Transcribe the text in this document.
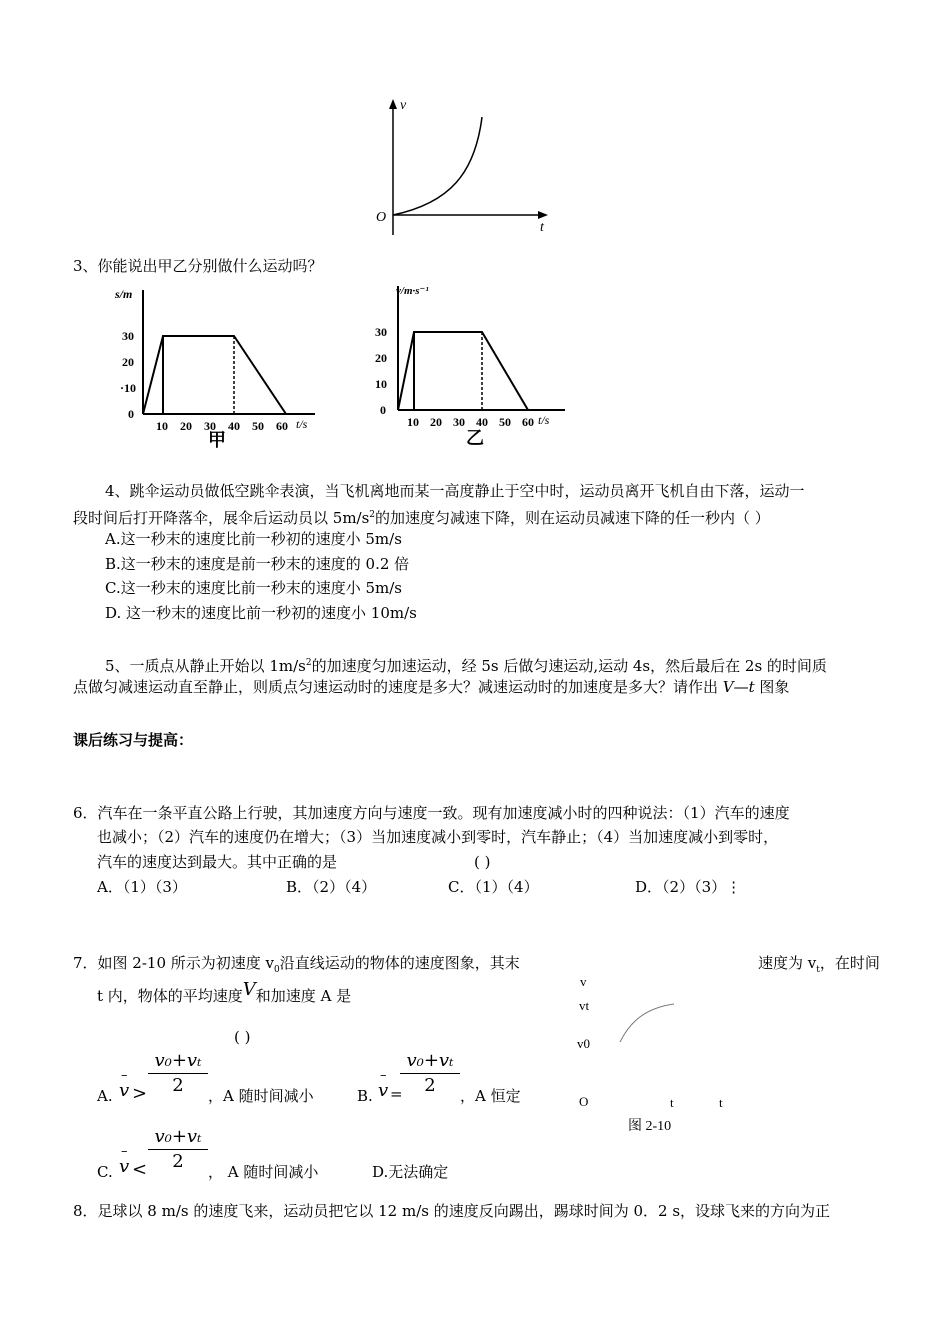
v
O
t
3、你能说出甲乙分别做什么运动吗？
s/m
30
20
·10
0
10 20 30 40 50 60 t/s
甲
v/m·s⁻¹
30
20
10
0
10 20 30 40 50 60 t/s
乙
4、跳伞运动员做低空跳伞表演，当飞机离地而某一高度静止于空中时，运动员离开飞机自由下落，运动一
段时间后打开降落伞，展伞后运动员以 $5m/s^2$的加速度匀减速下降，则在运动员减速下降的任一秒内（ ）
A.这一秒末的速度比前一秒初的速度小 5m/s
B.这一秒末的速度是前一秒末的速度的 0.2 倍
C.这一秒末的速度比前一秒末的速度小 5m/s
D. 这一秒末的速度比前一秒初的速度小 10m/s
5、一质点从静止开始以 $1m/s^2$的加速度匀加速运动，经 5s 后做匀速运动,运动 4s，然后最后在 2s 的时间质
点做匀减速运动直至静止，则质点匀速运动时的速度是多大？减速运动时的加速度是多大？请作出 V—t 图象
课后练习与提高：
6．汽车在一条平直公路上行驶，其加速度方向与速度一致。现有加速度减小时的四种说法：（1）汽车的速度
也减小；（2）汽车的速度仍在增大；（3）当加速度减小到零时，汽车静止；（4）当加速度减小到零时，
汽车的速度达到最大。其中正确的是	( )
A．（1）（3）	B．（2）（4）	C．（1）（4）	D．（2）（3）⋮
7．如图 2-10 所示为初速度 $v_0$沿直线运动的物体的速度图象，其末	速度为 $v_t$，在时间
t 内，物体的平均速度V和加速度 A 是
( )
A.
–
v >
v₀+vₜ
2	，A 随时间减小	B.
–
v =
v₀+vₜ
2	，A 恒定
C.
–
v <
v₀+vₜ
2	， A 随时间减小	D.无法确定
v
vt
v0
O	t	t
图 2-10
8．足球以 8 m/s 的速度飞来，运动员把它以 12 m/s 的速度反向踢出，踢球时间为 0．2 s，设球飞来的方向为正
